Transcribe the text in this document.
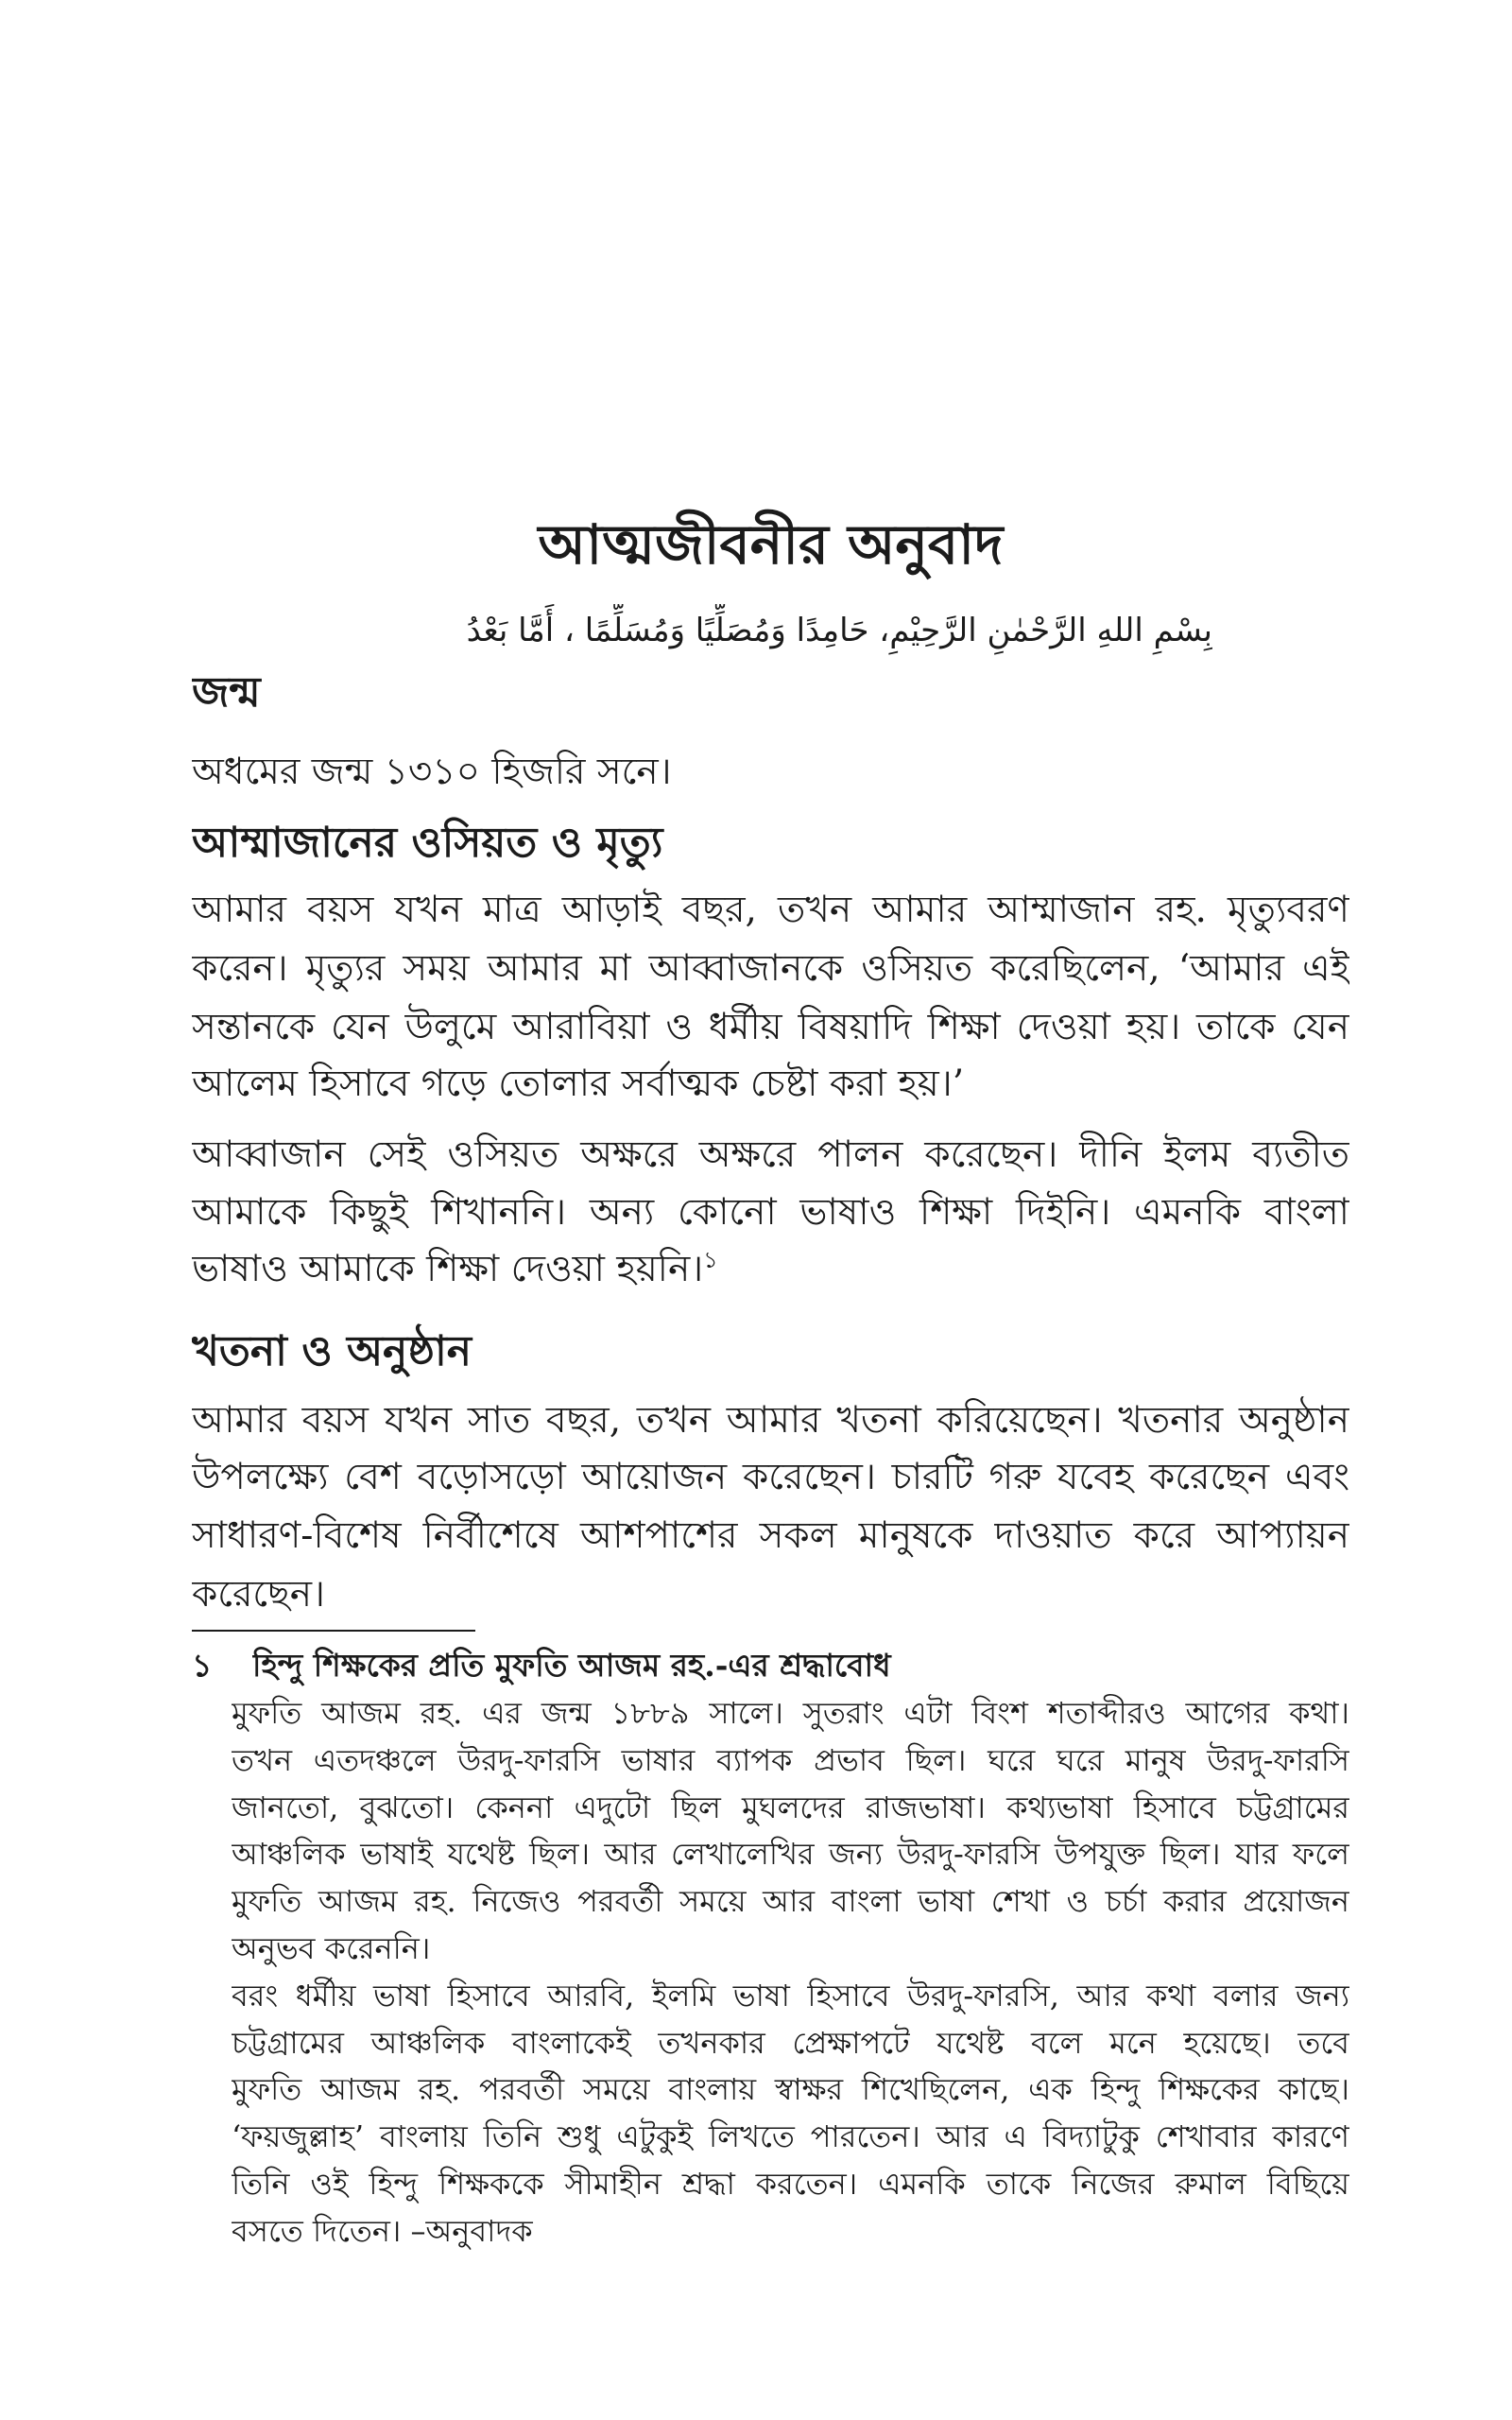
আত্মজীবনীর অনুবাদ
بِسْمِ اللهِ الرَّحْمٰنِ الرَّحِيْمِ، حَامِدًا وَمُصَلِّيًا وَمُسَلِّمًا ، أَمَّا بَعْدُ
জন্ম
অধমের জন্ম ১৩১০ হিজরি সনে।
আম্মাজানের ওসিয়ত ও মৃত্যু
আমার বয়স যখন মাত্র আড়াই বছর, তখন আমার আম্মাজান রহ. মৃত্যুবরণ
করেন। মৃত্যুর সময় আমার মা আব্বাজানকে ওসিয়ত করেছিলেন, ‘আমার এই
সন্তানকে যেন উলুমে আরাবিয়া ও ধর্মীয় বিষয়াদি শিক্ষা দেওয়া হয়। তাকে যেন
আলেম হিসাবে গড়ে তোলার সর্বাত্মক চেষ্টা করা হয়।’
আব্বাজান সেই ওসিয়ত অক্ষরে অক্ষরে পালন করেছেন। দীনি ইলম ব্যতীত
আমাকে কিছুই শিখাননি। অন্য কোনো ভাষাও শিক্ষা দিইনি। এমনকি বাংলা
ভাষাও আমাকে শিক্ষা দেওয়া হয়নি।$^১$
খতনা ও অনুষ্ঠান
আমার বয়স যখন সাত বছর, তখন আমার খতনা করিয়েছেন। খতনার অনুষ্ঠান
উপলক্ষ্যে বেশ বড়োসড়ো আয়োজন করেছেন। চারটি গরু যবেহ করেছেন এবং
সাধারণ-বিশেষ নির্বীশেষে আশপাশের সকল মানুষকে দাওয়াত করে আপ্যায়ন
করেছেন।
১	হিন্দু শিক্ষকের প্রতি মুফতি আজম রহ.-এর শ্রদ্ধাবোধ
মুফতি আজম রহ. এর জন্ম ১৮৮৯ সালে। সুতরাং এটা বিংশ শতাব্দীরও আগের কথা।
তখন এতদঞ্চলে উরদু-ফারসি ভাষার ব্যাপক প্রভাব ছিল। ঘরে ঘরে মানুষ উরদু-ফারসি
জানতো, বুঝতো। কেননা এদুটো ছিল মুঘলদের রাজভাষা। কথ্যভাষা হিসাবে চট্টগ্রামের
আঞ্চলিক ভাষাই যথেষ্ট ছিল। আর লেখালেখির জন্য উরদু-ফারসি উপযুক্ত ছিল। যার ফলে
মুফতি আজম রহ. নিজেও পরবর্তী সময়ে আর বাংলা ভাষা শেখা ও চর্চা করার প্রয়োজন
অনুভব করেননি।
বরং ধর্মীয় ভাষা হিসাবে আরবি, ইলমি ভাষা হিসাবে উরদু-ফারসি, আর কথা বলার জন্য
চট্টগ্রামের আঞ্চলিক বাংলাকেই তখনকার প্রেক্ষাপটে যথেষ্ট বলে মনে হয়েছে। তবে
মুফতি আজম রহ. পরবর্তী সময়ে বাংলায় স্বাক্ষর শিখেছিলেন, এক হিন্দু শিক্ষকের কাছে।
‘ফয়জুল্লাহ’ বাংলায় তিনি শুধু এটুকুই লিখতে পারতেন। আর এ বিদ্যাটুকু শেখাবার কারণে
তিনি ওই হিন্দু শিক্ষককে সীমাহীন শ্রদ্ধা করতেন। এমনকি তাকে নিজের রুমাল বিছিয়ে
বসতে দিতেন। –অনুবাদক
